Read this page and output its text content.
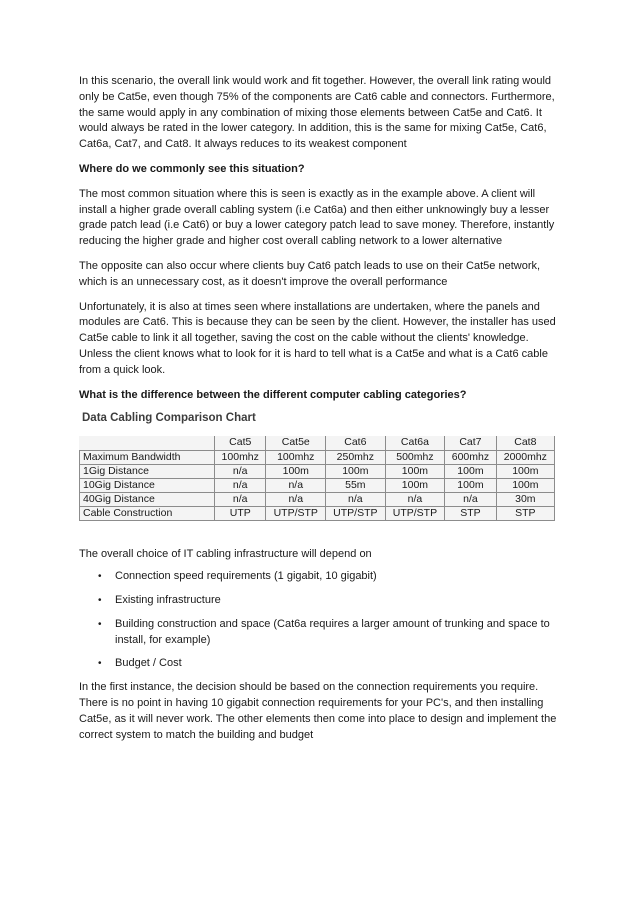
In this scenario, the overall link would work and fit together. However, the overall link rating would only be Cat5e, even though 75% of the components are Cat6 cable and connectors. Furthermore, the same would apply in any combination of mixing those elements between Cat5e and Cat6. It would always be rated in the lower category. In addition, this is the same for mixing Cat5e, Cat6, Cat6a, Cat7, and Cat8. It always reduces to its weakest component

Where do we commonly see this situation?

The most common situation where this is seen is exactly as in the example above. A client will install a higher grade overall cabling system (i.e Cat6a) and then either unknowingly buy a lesser grade patch lead (i.e Cat6) or buy a lower category patch lead to save money. Therefore, instantly reducing the higher grade and higher cost overall cabling network to a lower alternative

The opposite can also occur where clients buy Cat6 patch leads to use on their Cat5e network, which is an unnecessary cost, as it doesn't improve the overall performance

Unfortunately, it is also at times seen where installations are undertaken, where the panels and modules are Cat6. This is because they can be seen by the client. However, the installer has used Cat5e cable to link it all together, saving the cost on the cable without the clients' knowledge. Unless the client knows what to look for it is hard to tell what is a Cat5e and what is a Cat6 cable from a quick look.

What is the difference between the different computer cabling categories?

Data Cabling Comparison Chart
	Cat5	Cat5e	Cat6	Cat6a	Cat7	Cat8
Maximum Bandwidth	100mhz	100mhz	250mhz	500mhz	600mhz	2000mhz
1Gig Distance	n/a	100m	100m	100m	100m	100m
10Gig Distance	n/a	n/a	55m	100m	100m	100m
40Gig Distance	n/a	n/a	n/a	n/a	n/a	30m
Cable Construction	UTP	UTP/STP	UTP/STP	UTP/STP	STP	STP

The overall choice of IT cabling infrastructure will depend on

• Connection speed requirements (1 gigabit, 10 gigabit)
• Existing infrastructure
• Building construction and space (Cat6a requires a larger amount of trunking and space to install, for example)
• Budget / Cost

In the first instance, the decision should be based on the connection requirements you require. There is no point in having 10 gigabit connection requirements for your PC's, and then installing Cat5e, as it will never work. The other elements then come into place to design and implement the correct system to match the building and budget
